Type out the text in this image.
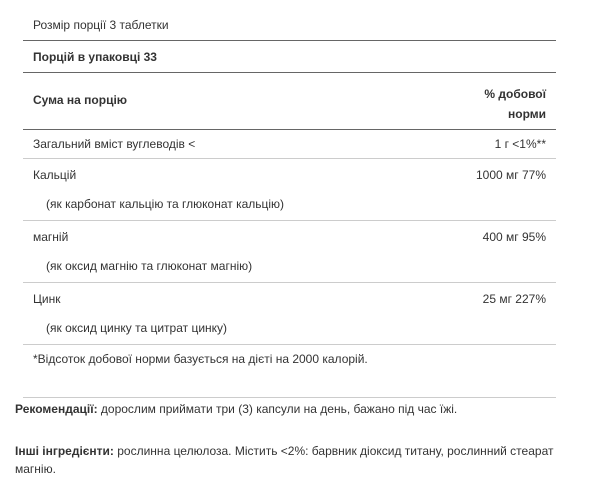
Розмір порції 3 таблетки
Порцій в упаковці 33
Сума на порцію	% добової
норми
Загальний вміст вуглеводів <	1 г <1%**
Кальцій	1000 мг 77%
(як карбонат кальцію та глюконат кальцію)
магній	400 мг 95%
(як оксид магнію та глюконат магнію)
Цинк	25 мг 227%
(як оксид цинку та цитрат цинку)
*Відсоток добової норми базується на дієті на 2000 калорій.
Рекомендації: дорослим приймати три (3) капсули на день, бажано під час їжі.
Інші інгредієнти: рослинна целюлоза. Містить <2%: барвник діоксид титану, рослинний стеарат магнію.
